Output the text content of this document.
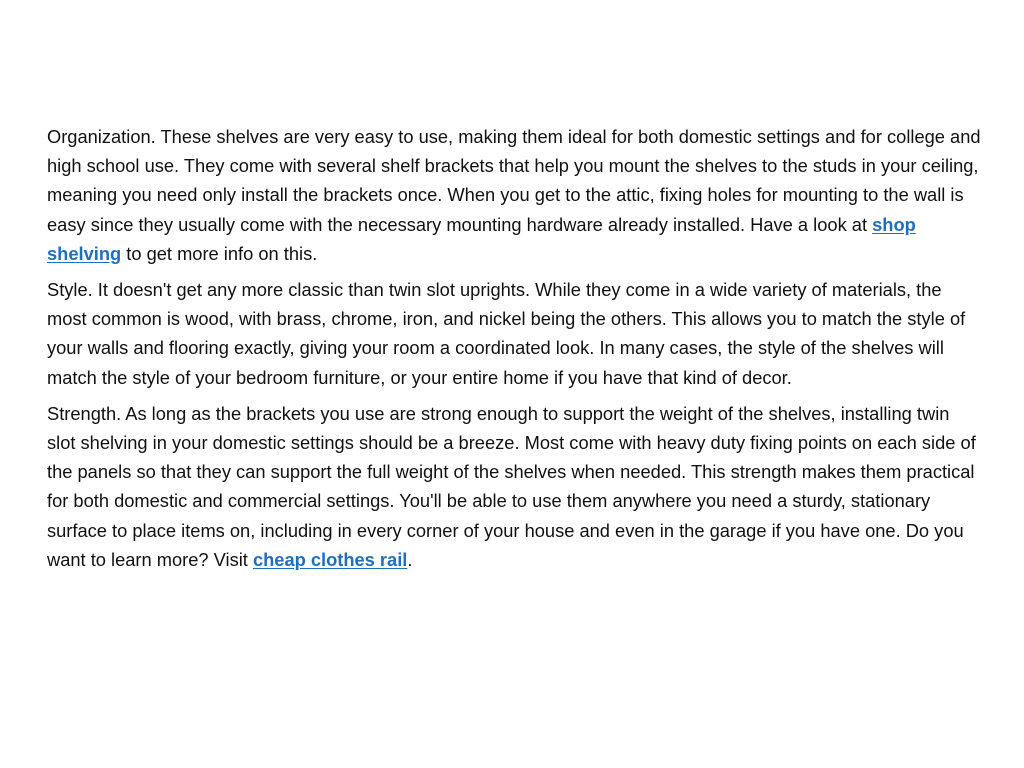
Organization. These shelves are very easy to use, making them ideal for both domestic settings and for college and high school use. They come with several shelf brackets that help you mount the shelves to the studs in your ceiling, meaning you need only install the brackets once. When you get to the attic, fixing holes for mounting to the wall is easy since they usually come with the necessary mounting hardware already installed. Have a look at shop shelving to get more info on this.

Style. It doesn't get any more classic than twin slot uprights. While they come in a wide variety of materials, the most common is wood, with brass, chrome, iron, and nickel being the others. This allows you to match the style of your walls and flooring exactly, giving your room a coordinated look. In many cases, the style of the shelves will match the style of your bedroom furniture, or your entire home if you have that kind of decor.

Strength. As long as the brackets you use are strong enough to support the weight of the shelves, installing twin slot shelving in your domestic settings should be a breeze. Most come with heavy duty fixing points on each side of the panels so that they can support the full weight of the shelves when needed. This strength makes them practical for both domestic and commercial settings. You'll be able to use them anywhere you need a sturdy, stationary surface to place items on, including in every corner of your house and even in the garage if you have one. Do you want to learn more? Visit cheap clothes rail.
